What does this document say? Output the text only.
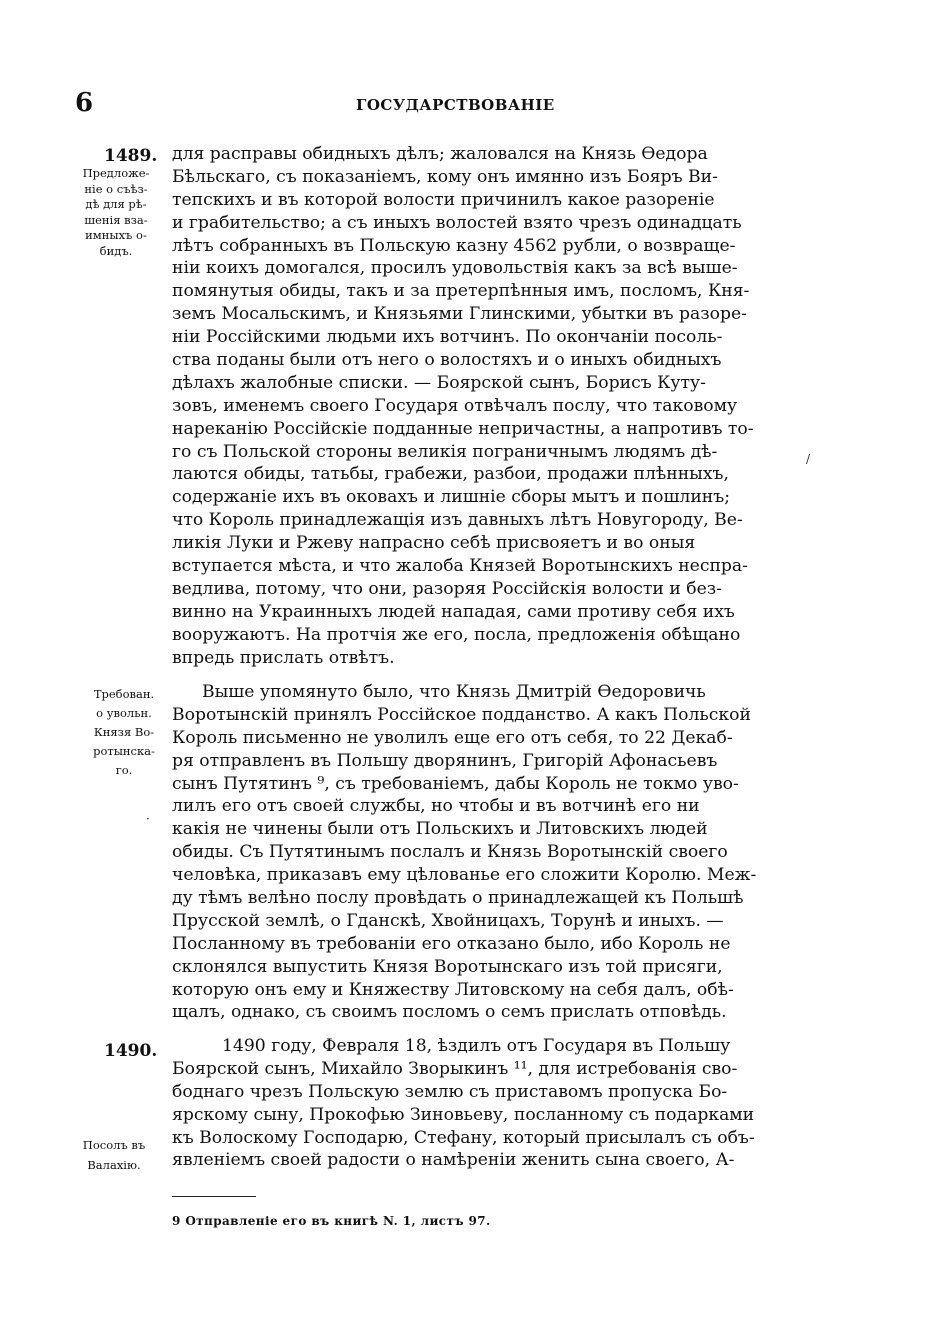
6	ГОСУДАРСТВОВАНІЕ
1489.
Предложе-
ніе о съѣз-
дѣ для рѣ-
шенія вза-
имныхъ о-
бидъ.
Требован.
о увольн.
Князя Во-
ротынска-
го.
1490.
Посолъ въ
Валахію.
для расправы обидныхъ дѣлъ; жаловался на Князь Ѳедора
Бѣльскаго, съ показаніемъ, кому онъ имянно изъ Бояръ Ви-
тепскихъ и въ которой волости причинилъ какое разореніе
и грабительство; а съ иныхъ волостей взято чрезъ одинадцать
лѣтъ собранныхъ въ Польскую казну 4562 рубли, о возвраще-
ніи коихъ домогался, просилъ удовольствія какъ за всѣ выше-
помянутыя обиды, такъ и за претерпѣнныя имъ, посломъ, Кня-
земъ Мосальскимъ, и Князьями Глинскими, убытки въ разоре-
ніи Россійскими людьми ихъ вотчинъ. По окончаніи посоль-
ства поданы были отъ него о волостяхъ и о иныхъ обидныхъ
дѣлахъ жалобные списки. — Боярской сынъ, Борисъ Куту-
зовъ, именемъ своего Государя отвѣчалъ послу, что таковому
нареканію Россійскіе подданные непричастны, а напротивъ то-
го съ Польской стороны великія пограничнымъ людямъ дѣ-
лаются обиды, татьбы, грабежи, разбои, продажи плѣнныхъ,
содержаніе ихъ въ оковахъ и лишніе сборы мытъ и пошлинъ;
что Король принадлежащія изъ давныхъ лѣтъ Новугороду, Ве-
ликія Луки и Ржеву напрасно себѣ присвояетъ и во оныя
вступается мѣста, и что жалоба Князей Воротынскихъ неспра-
ведлива, потому, что они, разоряя Россійскія волости и без-
винно на Украинныхъ людей нападая, сами противу себя ихъ
вооружаютъ. На протчія же его, посла, предложенія обѣщано
впредь прислать отвѣтъ.
Выше упомянуто было, что Князь Дмитрій Ѳедоровичь
Воротынскій принялъ Россійское подданство. А какъ Польской
Король письменно не уволилъ еще его отъ себя, то 22 Декаб-
ря отправленъ въ Польшу дворянинъ, Григорій Афонасьевъ
сынъ Путятинъ ⁹, съ требованіемъ, дабы Король не токмо уво-
лилъ его отъ своей службы, но чтобы и въ вотчинѣ его ни
какія не чинены были отъ Польскихъ и Литовскихъ людей
обиды. Съ Путятинымъ послалъ и Князь Воротынскій своего
человѣка, приказавъ ему цѣлованье его сложити Королю. Меж-
ду тѣмъ велѣно послу провѣдать о принадлежащей къ Польшѣ
Прусской землѣ, о Гданскѣ, Хвойницахъ, Торунѣ и иныхъ. —
Посланному въ требованіи его отказано было, ибо Король не
склонялся выпустить Князя Воротынскаго изъ той присяги,
которую онъ ему и Княжеству Литовскому на себя далъ, обѣ-
щалъ, однако, съ своимъ посломъ о семъ прислать отповѣдь.
1490 году, Февраля 18, ѣздилъ отъ Государя въ Польшу
Боярской сынъ, Михайло Зворыкинъ ¹¹, для истребованія сво-
боднаго чрезъ Польскую землю съ приставомъ пропуска Бо-
ярскому сыну, Прокофью Зиновьеву, посланному съ подарками
къ Волоскому Господарю, Стефану, который присылалъ съ объ-
явленіемъ своей радости о намѣреніи женить сына своего, А-
9 Отправленіе его въ книгѣ N. 1, листъ 97.
/
·
